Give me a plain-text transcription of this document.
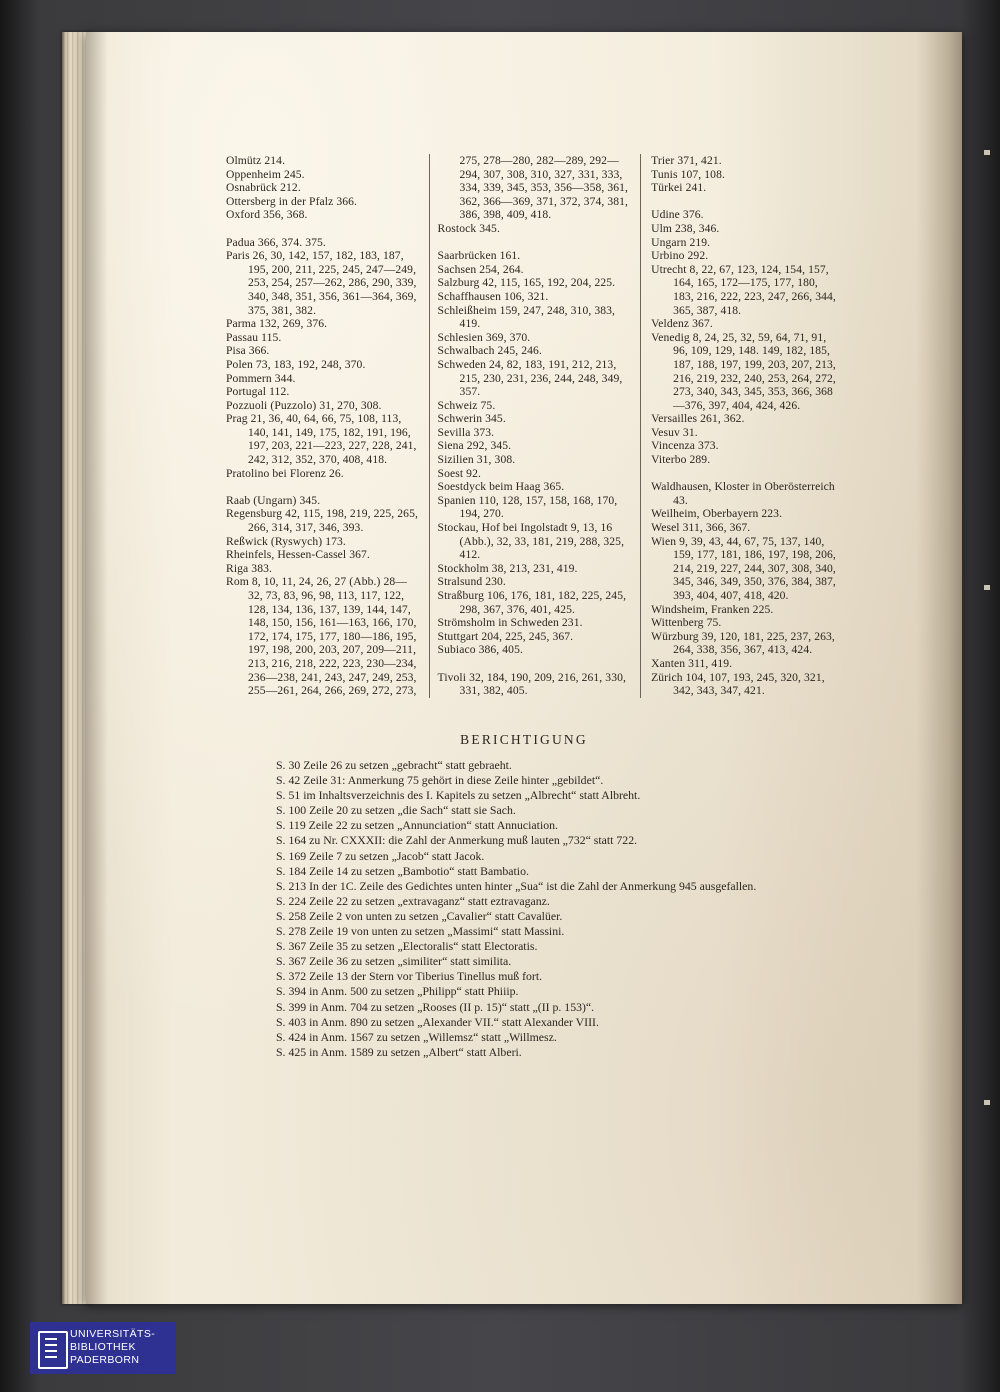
Olmütz 214.
Oppenheim 245.
Osnabrück 212.
Ottersberg in der Pfalz 366.
Oxford 356, 368.
Padua 366, 374. 375.
Paris 26, 30, 142, 157, 182, 183, 187, 195, 200, 211, 225, 245, 247—249, 253, 254, 257—262, 286, 290, 339, 340, 348, 351, 356, 361—364, 369, 375, 381, 382.
Parma 132, 269, 376.
Passau 115.
Pisa 366.
Polen 73, 183, 192, 248, 370.
Pommern 344.
Portugal 112.
Pozzuoli (Puzzolo) 31, 270, 308.
Prag 21, 36, 40, 64, 66, 75, 108, 113, 140, 141, 149, 175, 182, 191, 196, 197, 203, 221—223, 227, 228, 241, 242, 312, 352, 370, 408, 418.
Pratolino bei Florenz 26.
Raab (Ungarn) 345.
Regensburg 42, 115, 198, 219, 225, 265, 266, 314, 317, 346, 393.
Reßwick (Ryswych) 173.
Rheinfels, Hessen-Cassel 367.
Riga 383.
Rom 8, 10, 11, 24, 26, 27 (Abb.) 28—32, 73, 83, 96, 98, 113, 117, 122, 128, 134, 136, 137, 139, 144, 147, 148, 150, 156, 161—163, 166, 170, 172, 174, 175, 177, 180—186, 195, 197, 198, 200, 203, 207, 209—211, 213, 216, 218, 222, 223, 230—234, 236—238, 241, 243, 247, 249, 253, 255—261, 264, 266, 269, 272, 273,
275, 278—280, 282—289, 292—294, 307, 308, 310, 327, 331, 333, 334, 339, 345, 353, 356—358, 361, 362, 366—369, 371, 372, 374, 381, 386, 398, 409, 418.
Rostock 345.
Saarbrücken 161.
Sachsen 254, 264.
Salzburg 42, 115, 165, 192, 204, 225.
Schaffhausen 106, 321.
Schleißheim 159, 247, 248, 310, 383, 419.
Schlesien 369, 370.
Schwalbach 245, 246.
Schweden 24, 82, 183, 191, 212, 213, 215, 230, 231, 236, 244, 248, 349, 357.
Schweiz 75.
Schwerin 345.
Sevilla 373.
Siena 292, 345.
Sizilien 31, 308.
Soest 92.
Soestdyck beim Haag 365.
Spanien 110, 128, 157, 158, 168, 170, 194, 270.
Stockau, Hof bei Ingolstadt 9, 13, 16 (Abb.), 32, 33, 181, 219, 288, 325, 412.
Stockholm 38, 213, 231, 419.
Stralsund 230.
Straßburg 106, 176, 181, 182, 225, 245, 298, 367, 376, 401, 425.
Strömsholm in Schweden 231.
Stuttgart 204, 225, 245, 367.
Subiaco 386, 405.
Tivoli 32, 184, 190, 209, 216, 261, 330, 331, 382, 405.
Trier 371, 421.
Tunis 107, 108.
Türkei 241.
Udine 376.
Ulm 238, 346.
Ungarn 219.
Urbino 292.
Utrecht 8, 22, 67, 123, 124, 154, 157, 164, 165, 172—175, 177, 180, 183, 216, 222, 223, 247, 266, 344, 365, 387, 418.
Veldenz 367.
Venedig 8, 24, 25, 32, 59, 64, 71, 91, 96, 109, 129, 148. 149, 182, 185, 187, 188, 197, 199, 203, 207, 213, 216, 219, 232, 240, 253, 264, 272, 273, 340, 343, 345, 353, 366, 368—376, 397, 404, 424, 426.
Versailles 261, 362.
Vesuv 31.
Vincenza 373.
Viterbo 289.
Waldhausen, Kloster in Oberösterreich 43.
Weilheim, Oberbayern 223.
Wesel 311, 366, 367.
Wien 9, 39, 43, 44, 67, 75, 137, 140, 159, 177, 181, 186, 197, 198, 206, 214, 219, 227, 244, 307, 308, 340, 345, 346, 349, 350, 376, 384, 387, 393, 404, 407, 418, 420.
Windsheim, Franken 225.
Wittenberg 75.
Würzburg 39, 120, 181, 225, 237, 263, 264, 338, 356, 367, 413, 424.
Xanten 311, 419.
Zürich 104, 107, 193, 245, 320, 321, 342, 343, 347, 421.
BERICHTIGUNG

S. 30 Zeile 26 zu setzen „gebracht“ statt gebraeht.

S. 42 Zeile 31: Anmerkung 75 gehört in diese Zeile hinter „gebildet“.

S. 51 im Inhaltsverzeichnis des I. Kapitels zu setzen „Albrecht“ statt Albreht.

S. 100 Zeile 20 zu setzen „die Sach“ statt sie Sach.

S. 119 Zeile 22 zu setzen „Annunciation“ statt Annuciation.

S. 164 zu Nr. CXXXII: die Zahl der Anmerkung muß lauten „732“ statt 722.

S. 169 Zeile 7 zu setzen „Jacob“ statt Jacok.

S. 184 Zeile 14 zu setzen „Bambotio“ statt Bambatio.

S. 213 In der 1C. Zeile des Gedichtes unten hinter „Sua“ ist die Zahl der Anmerkung 945 ausgefallen.

S. 224 Zeile 22 zu setzen „extravaganz“ statt eztravaganz.

S. 258 Zeile 2 von unten zu setzen „Cavalier“ statt Cavalüer.

S. 278 Zeile 19 von unten zu setzen „Massimi“ statt Massini.

S. 367 Zeile 35 zu setzen „Electoralis“ statt Electoratis.

S. 367 Zeile 36 zu setzen „similiter“ statt similita.

S. 372 Zeile 13 der Stern vor Tiberius Tinellus muß fort.

S. 394 in Anm. 500 zu setzen „Philipp“ statt Phiiip.

S. 399 in Anm. 704 zu setzen „Rooses (II p. 15)“ statt „(II p. 153)“.

S. 403 in Anm. 890 zu setzen „Alexander VII.“ statt Alexander VIII.

S. 424 in Anm. 1567 zu setzen „Willemsz“ statt „Willmesz.

S. 425 in Anm. 1589 zu setzen „Albert“ statt Alberi.

UNIVERSITÄTS-
BIBLIOTHEK
PADERBORN
